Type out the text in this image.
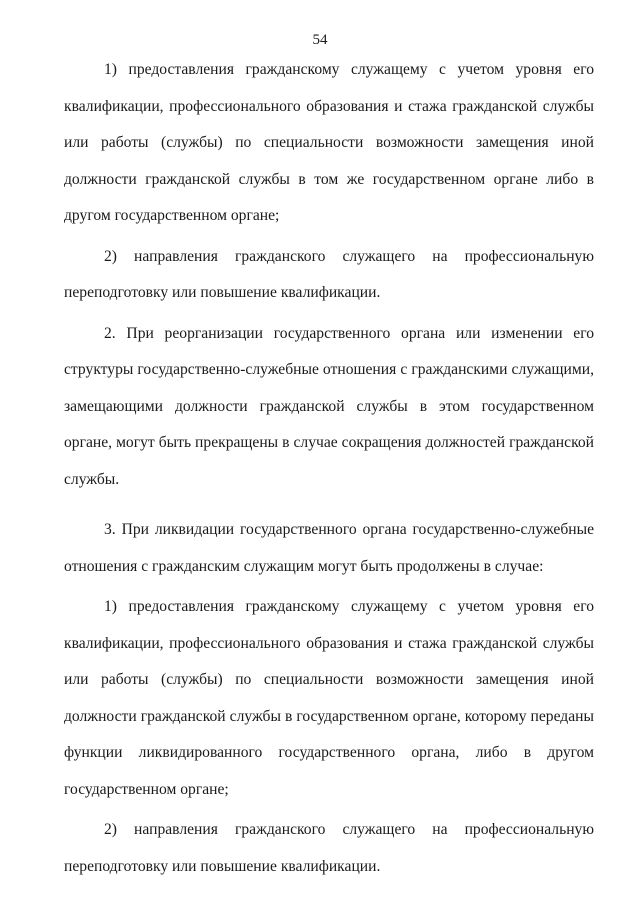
54

1) предоставления гражданскому служащему с учетом уровня его квалификации, профессионального образования и стажа гражданской службы или работы (службы) по специальности возможности замещения иной должности гражданской службы в том же государственном органе либо в другом государственном органе;

2) направления гражданского служащего на профессиональную переподготовку или повышение квалификации.

2. При реорганизации государственного органа или изменении его структуры государственно-служебные отношения с гражданскими служащими, замещающими должности гражданской службы в этом государственном органе, могут быть прекращены в случае сокращения должностей гражданской службы.

3. При ликвидации государственного органа государственно-служебные отношения с гражданским служащим могут быть продолжены в случае:

1) предоставления гражданскому служащему с учетом уровня его квалификации, профессионального образования и стажа гражданской службы или работы (службы) по специальности возможности замещения иной должности гражданской службы в государственном органе, которому переданы функции ликвидированного государственного органа, либо в другом государственном органе;

2) направления гражданского служащего на профессиональную переподготовку или повышение квалификации.
